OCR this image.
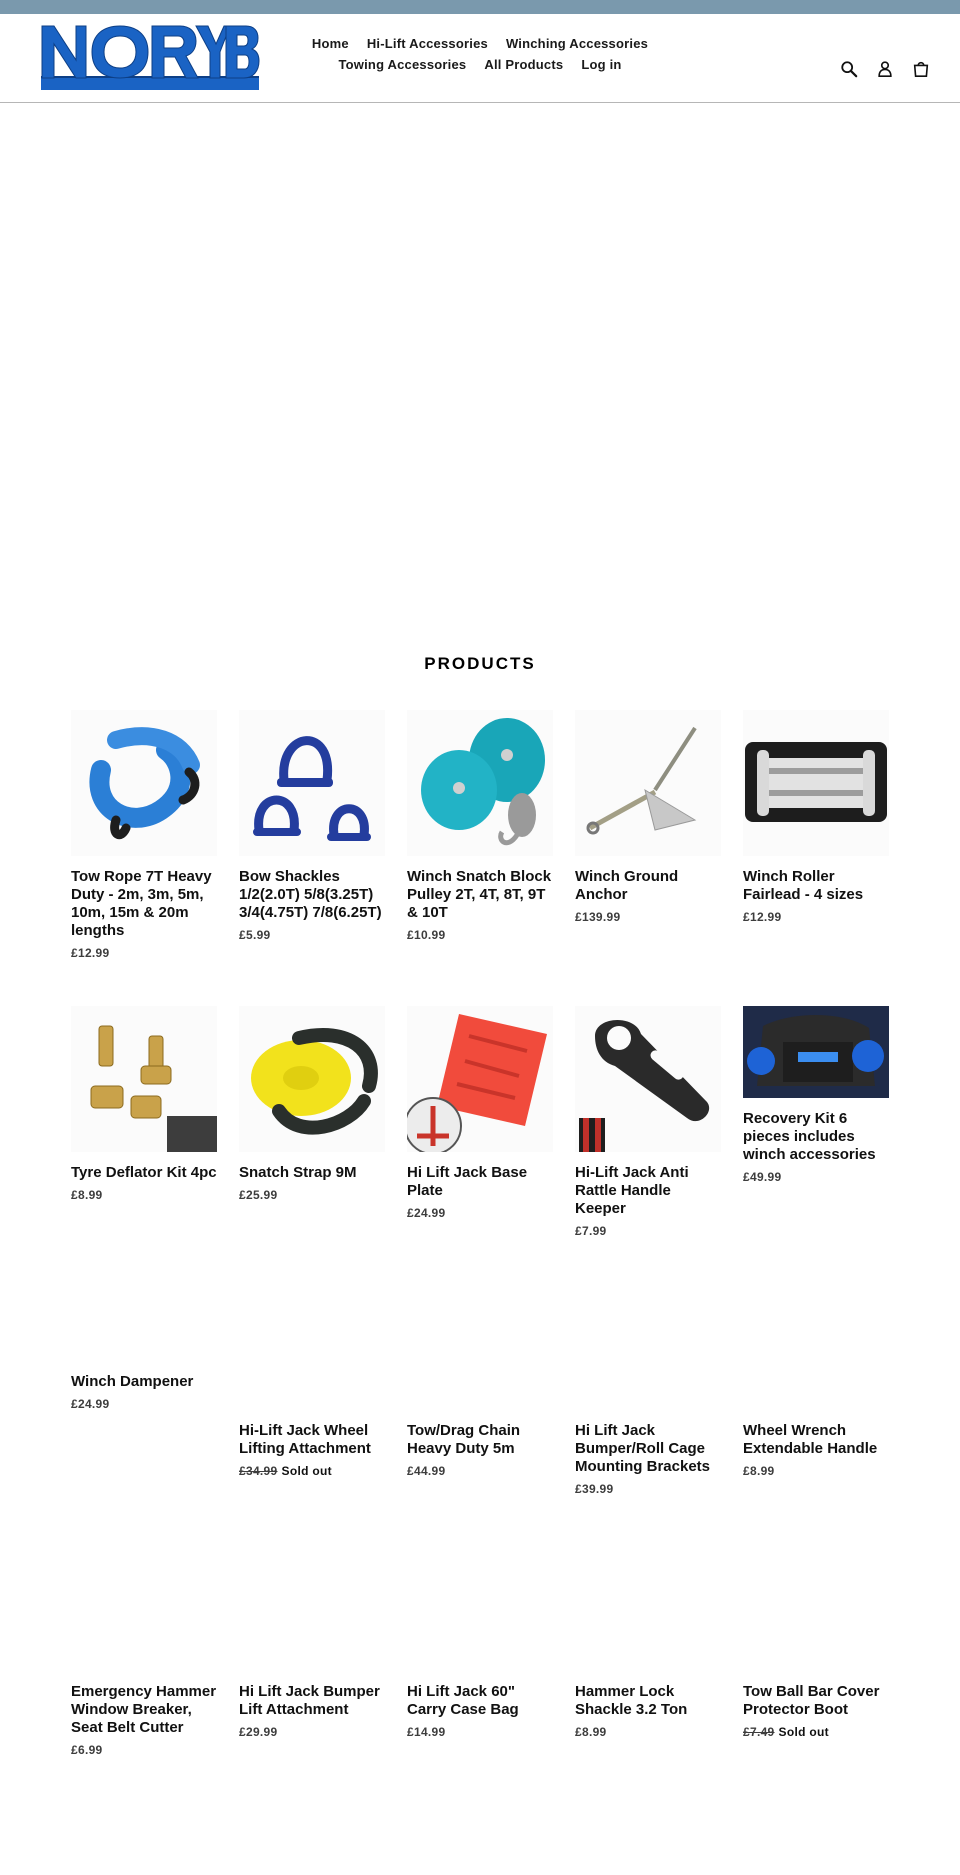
Home Hi-Lift Accessories Winching Accessories
Towing Accessories All Products Log in
PRODUCTS
Tow Rope 7T Heavy Duty - 2m, 3m, 5m, 10m, 15m & 20m lengths
£12.99
Bow Shackles 1/2(2.0T) 5/8(3.25T) 3/4(4.75T) 7/8(6.25T)
£5.99
Winch Snatch Block Pulley 2T, 4T, 8T, 9T & 10T
£10.99
Winch Ground Anchor
£139.99
Winch Roller Fairlead - 4 sizes
£12.99
Tyre Deflator Kit 4pc
£8.99
Snatch Strap 9M
£25.99
Hi Lift Jack Base Plate
£24.99
Hi-Lift Jack Anti Rattle Handle Keeper
£7.99
Recovery Kit 6 pieces includes winch accessories
£49.99
Winch Dampener
£24.99
Hi-Lift Jack Wheel Lifting Attachment
£34.99 Sold out
Tow/Drag Chain Heavy Duty 5m
£44.99
Hi Lift Jack Bumper/Roll Cage Mounting Brackets
£39.99
Wheel Wrench Extendable Handle
£8.99
Emergency Hammer Window Breaker, Seat Belt Cutter
£6.99
Hi Lift Jack Bumper Lift Attachment
£29.99
Hi Lift Jack 60" Carry Case Bag
£14.99
Hammer Lock Shackle 3.2 Ton
£8.99
Tow Ball Bar Cover Protector Boot
£7.49 Sold out
